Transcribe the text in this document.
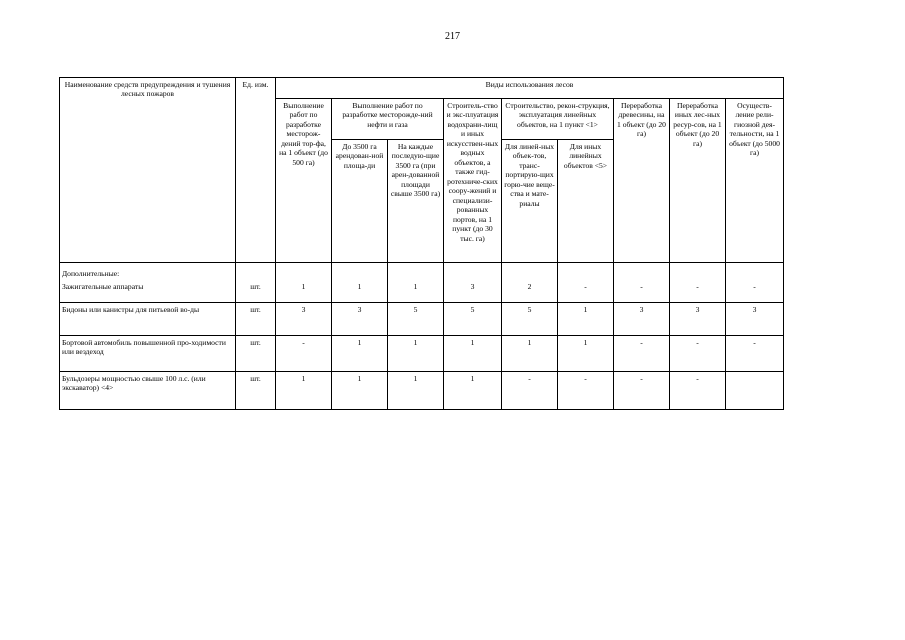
217
Наименование средств предупреждения и тушения лесных пожаров	Ед. изм.	Виды использования лесов								
		Выполнение работ по разработке месторож-дений тор-фа, на 1 объект (до 500 га)	Выполнение работ по разработке месторожде-ний нефти и газа		Строитель-ство и экс-плуатация водохрани-лищ и иных искусствен-ных водных объектов, а также гид-ротехниче-ских соору-жений и специализи-рованных портов, на 1 пункт (до 30 тыс. га)	Строительство, рекон-струкция, эксплуатация линейных объектов, на 1 пункт <1>		Переработка древесины, на 1 объект (до 20 га)	Переработка иных лес-ных ресур-сов, на 1 объект (до 20 га)	Осуществ-ление рели-гиозной дея-тельности, на 1 объект (до 5000 га)
			До 3500 га арендован-ной площа-ди	На каждые последую-щие 3500 га (при арен-дованной площади свыше 3500 га)						
						Для линей-ных объек-тов, транс-портирую-щих горю-чие веще-ства и мате-риалы	Для иных линейных объектов <5>			
Дополнительные:										
Зажигательные аппараты	шт.	1	1	1	3	2	-	-	-	-
Бидоны или канистры для питьевой во-ды	шт.	3	3	5	5	5	1	3	3	3
Бортовой автомобиль повышенной про-ходимости или вездеход	шт.	-	1	1	1	1	1	-	-	-
Бульдозеры мощностью свыше 100 л.с. (или экскаватор) <4>	шт.	1	1	1	1	-	-	-	-	
